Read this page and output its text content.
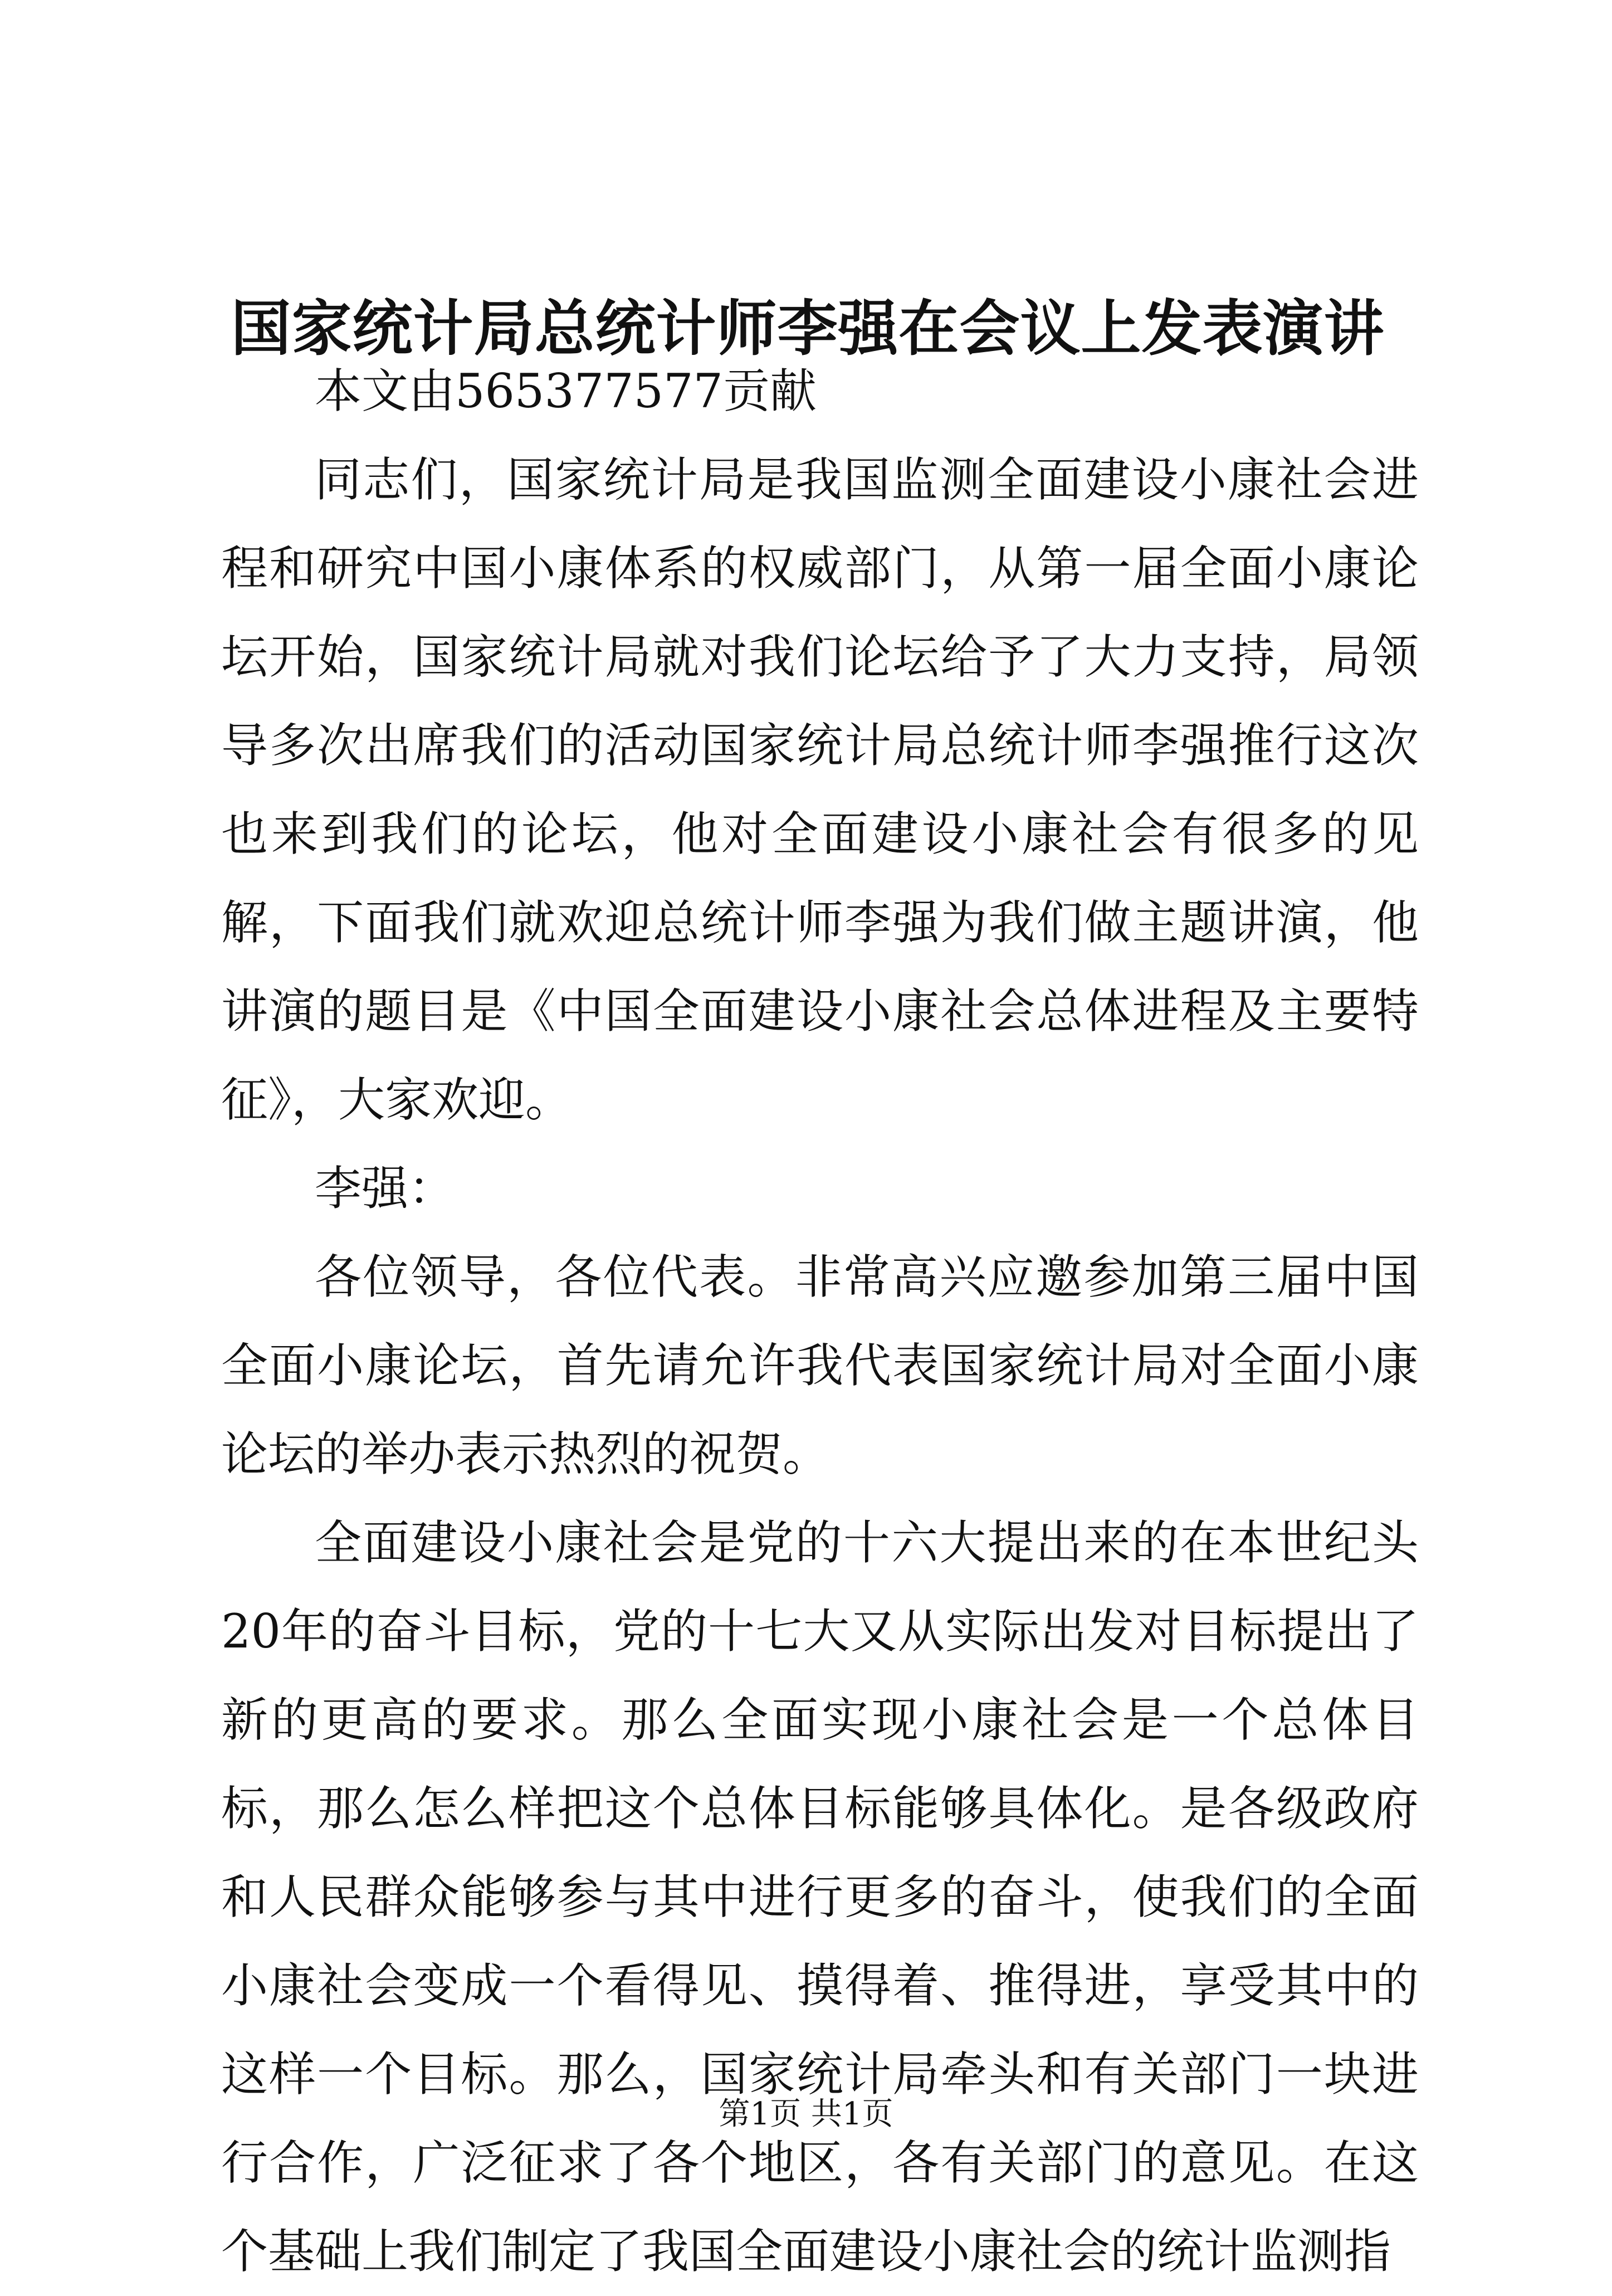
国家统计局总统计师李强在会议上发表演讲

本文由565377577贡献

同志们，国家统计局是我国监测全面建设小康社会进程和研究中国小康体系的权威部门，从第一届全面小康论坛开始，国家统计局就对我们论坛给予了大力支持，局领导多次出席我们的活动国家统计局总统计师李强推行这次也来到我们的论坛，他对全面建设小康社会有很多的见解，下面我们就欢迎总统计师李强为我们做主题讲演，他讲演的题目是《中国全面建设小康社会总体进程及主要特征》，大家欢迎。

李强：

各位领导，各位代表。非常高兴应邀参加第三届中国全面小康论坛，首先请允许我代表国家统计局对全面小康论坛的举办表示热烈的祝贺。

全面建设小康社会是党的十六大提出来的在本世纪头20年的奋斗目标，党的十七大又从实际出发对目标提出了新的更高的要求。那么全面实现小康社会是一个总体目标，那么怎么样把这个总体目标能够具体化。是各级政府和人民群众能够参与其中进行更多的奋斗，使我们的全面小康社会变成一个看得见、摸得着、推得进，享受其中的这样一个目标。那么，国家统计局牵头和有关部门一块进行合作，广泛征求了各个地区，各有关部门的意见。在这个基础上我们制定了我国全面建设小康社会的统计监测指

第1页 共1页
